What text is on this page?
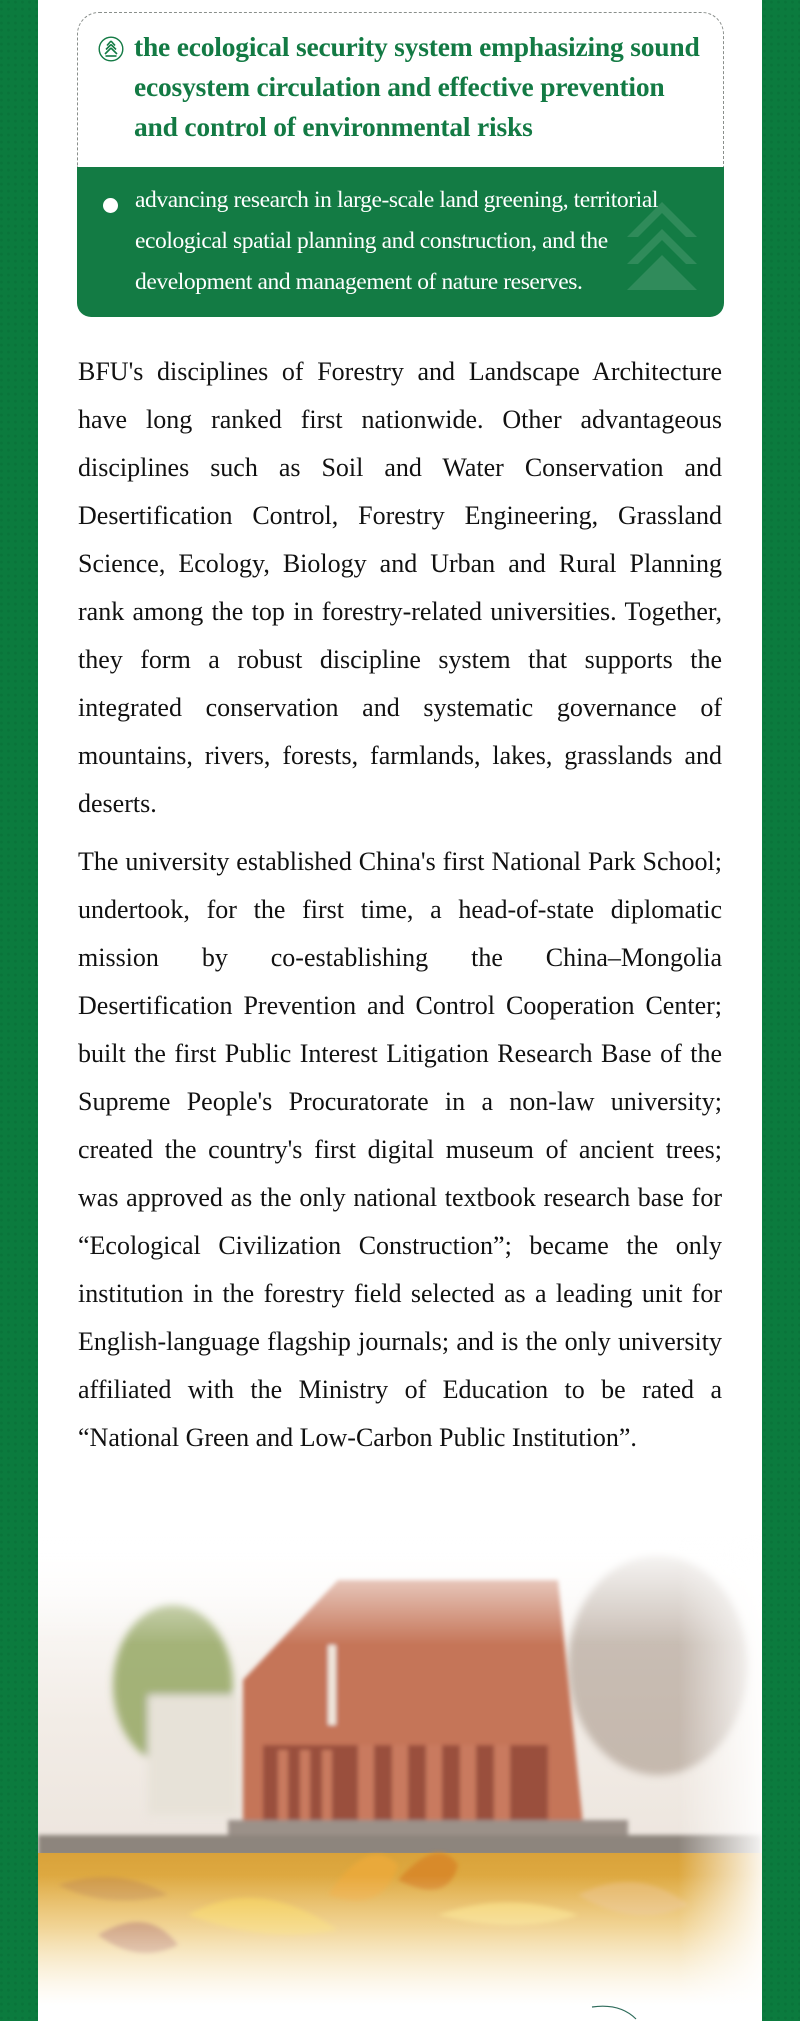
the ecological security system emphasizing sound ecosystem circulation and effective prevention and control of environmental risks
advancing research in large-scale land greening, territorial ecological spatial planning and construction, and the development and management of nature reserves.

BFU's disciplines of Forestry and Landscape Architecture have long ranked first nationwide. Other advantageous disciplines such as Soil and Water Conservation and Desertification Control, Forestry Engineering, Grassland Science, Ecology, Biology and Urban and Rural Planning rank among the top in forestry-related universities. Together, they form a robust discipline system that supports the integrated conservation and systematic governance of mountains, rivers, forests, farmlands, lakes, grasslands and deserts.

The university established China's first National Park School; undertook, for the first time, a head-of-state diplomatic mission by co-establishing the China–Mongolia Desertification Prevention and Control Cooperation Center; built the first Public Interest Litigation Research Base of the Supreme People's Procuratorate in a non-law university; created the country's first digital museum of ancient trees; was approved as the only national textbook research base for “Ecological Civilization Construction”; became the only institution in the forestry field selected as a leading unit for English-language flagship journals; and is the only university affiliated with the Ministry of Education to be rated a “National Green and Low-Carbon Public Institution”.
